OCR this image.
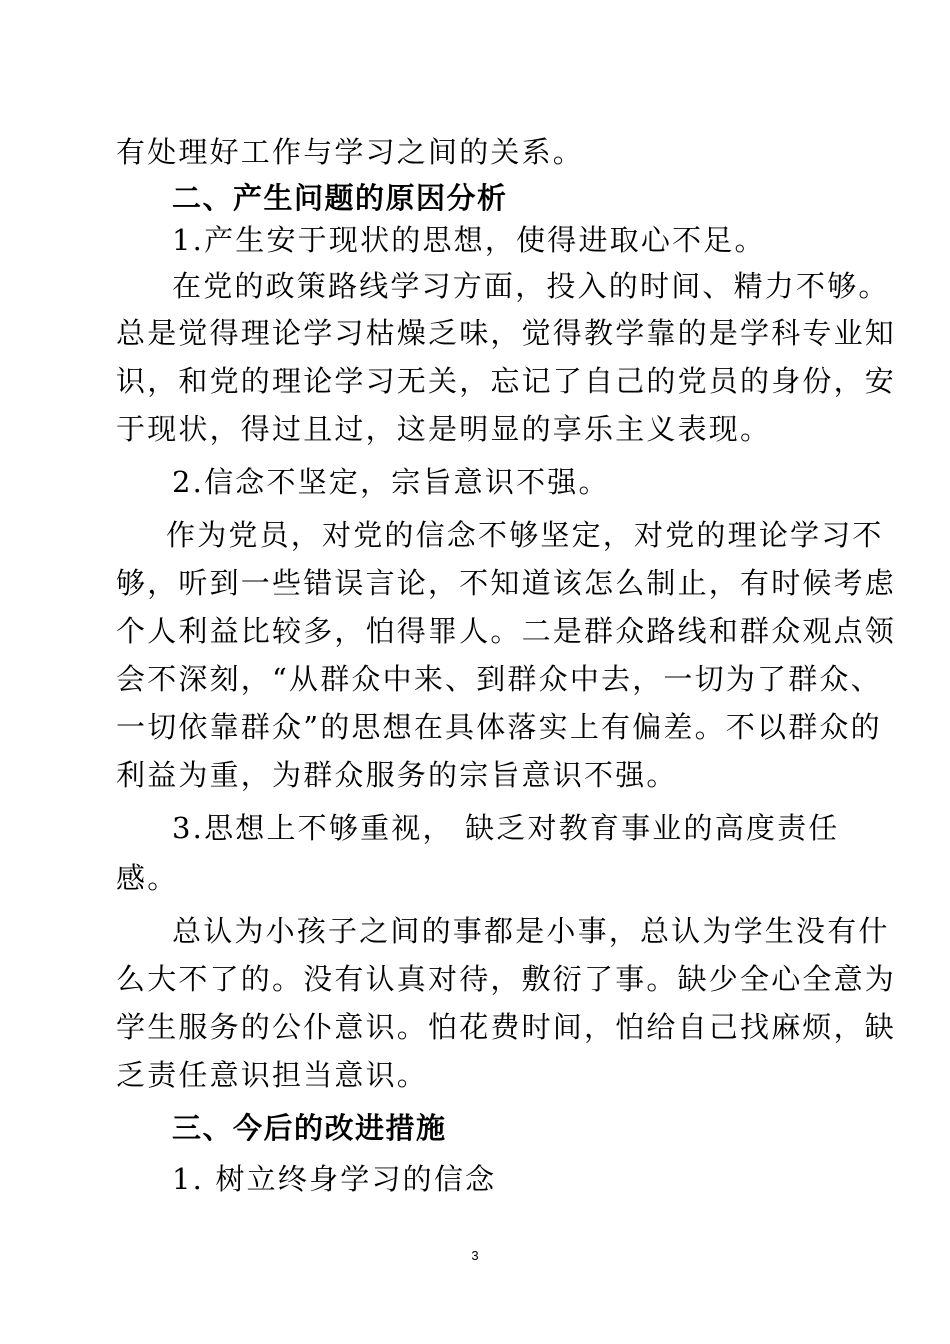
有处理好工作与学习之间的关系。
二、产生问题的原因分析
1.产生安于现状的思想，使得进取心不足。
在党的政策路线学习方面，投入的时间、精力不够。
总是觉得理论学习枯燥乏味，觉得教学靠的是学科专业知
识，和党的理论学习无关，忘记了自己的党员的身份，安
于现状，得过且过，这是明显的享乐主义表现。
2.信念不坚定，宗旨意识不强。
作为党员，对党的信念不够坚定，对党的理论学习不
够，听到一些错误言论，不知道该怎么制止，有时候考虑
个人利益比较多，怕得罪人。二是群众路线和群众观点领
会不深刻，“从群众中来、到群众中去，一切为了群众、
一切依靠群众”的思想在具体落实上有偏差。不以群众的
利益为重，为群众服务的宗旨意识不强。
3.思想上不够重视， 缺乏对教育事业的高度责任
感。
总认为小孩子之间的事都是小事，总认为学生没有什
么大不了的。没有认真对待，敷衍了事。缺少全心全意为
学生服务的公仆意识。怕花费时间，怕给自己找麻烦，缺
乏责任意识担当意识。
三、今后的改进措施
1. 树立终身学习的信念
3
